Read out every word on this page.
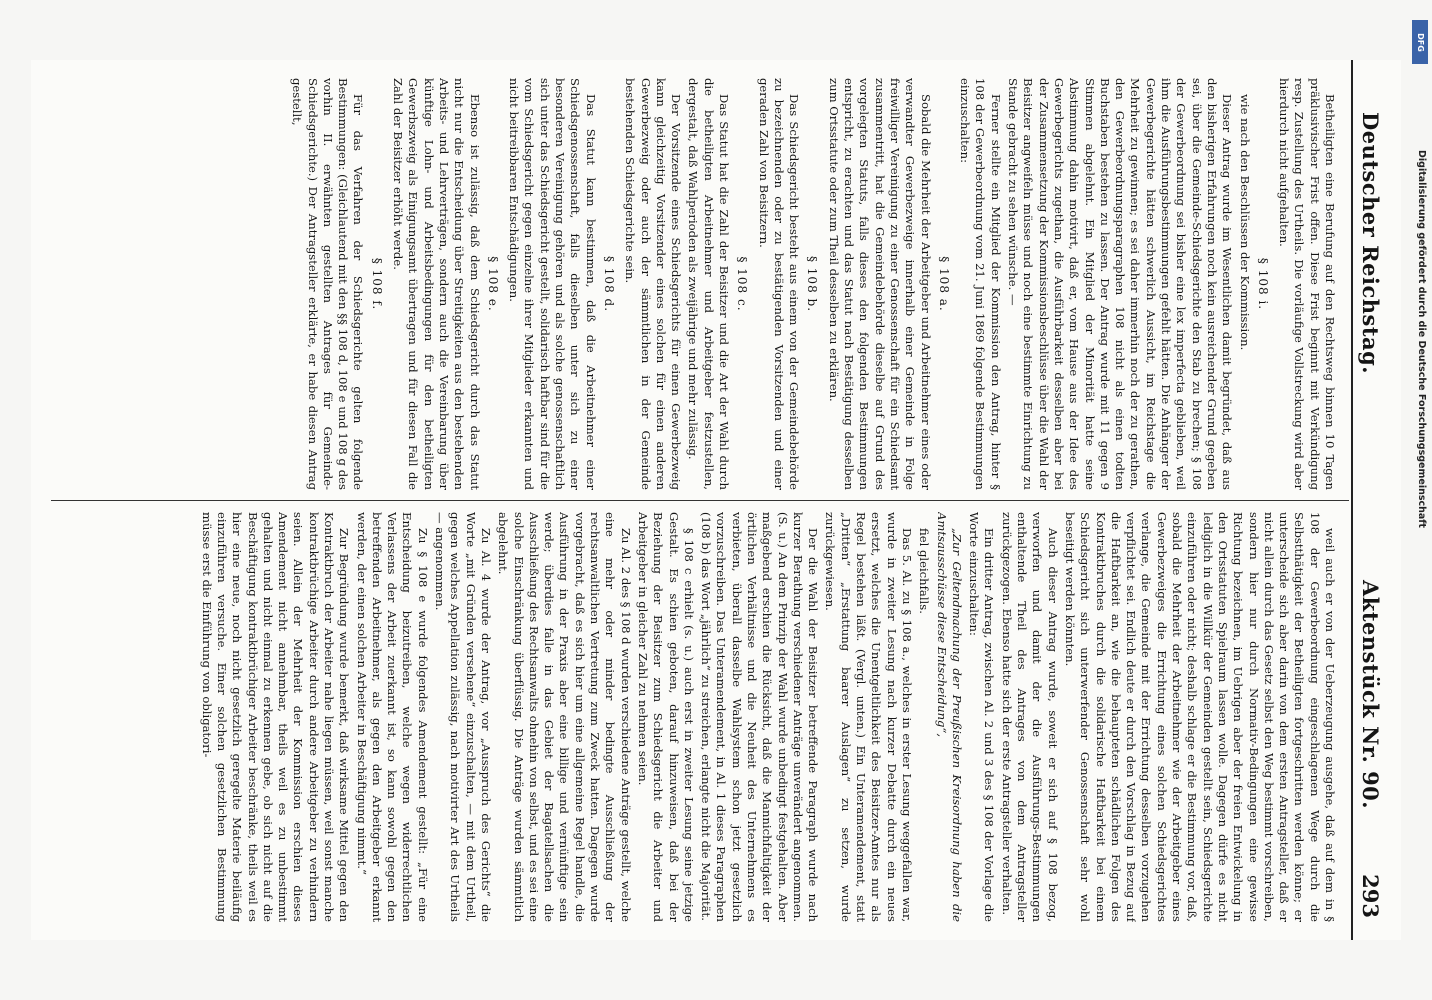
Deutscher Reichstag.
Aktenstück Nr. 90.
293

Betheiligten eine Berufung auf den Rechtsweg binnen 10 Tagen präklusivischer Frist offen. Diese Frist beginnt mit Verkündigung resp. Zustellung des Urtheils. Die vorläufige Vollstreckung wird aber hierdurch nicht aufgehalten.

§ 108 i.

wie nach den Beschlüssen der Kommission.

Dieser Antrag wurde im Wesentlichen damit begründet, daß aus den bisherigen Erfahrungen noch kein ausreichender Grund gegeben sei, über die Gemeinde-Schiedsgerichte den Stab zu brechen; § 108 der Gewerbeordnung sei bisher eine lex imperfecta geblieben, weil ihm die Ausführungsbestimmungen gefehlt hätten. Die Anhänger der Gewerbegerichte hätten schwerlich Aussicht, im Reichstage die Mehrheit zu gewinnen; es sei daher immerhin noch der zu gerathen, den Gewerbeordnungsparagraphen 108 nicht als einen todten Buchstaben bestehen zu lassen. Der Antrag wurde mit 11 gegen 9 Stimmen abgelehnt. Ein Mitglied der Minorität hatte seine Abstimmung dahin motivirt, daß er, vom Hause aus der Idee des Gewerbegerichts zugethan, die Ausführbarkeit desselben aber bei der Zusammensetzung der Kommissionsbeschlüsse über die Wahl der Beisitzer angweifeln müsse und noch eine bestimmte Einrichtung zu Stande gebracht zu sehen wünsche. —

Ferner stellte ein Mitglied der Kommission den Antrag, hinter § 108 der Gewerbeordnung vom 21. Juni 1869 folgende Bestimmungen einzuschalten:

§ 108 a.

Sobald die Mehrheit der Arbeitgeber und Arbeitnehmer eines oder verwandter Gewerbezweige innerhalb einer Gemeinde in Folge freiwilliger Vereinigung zu einer Genossenschaft für ein Schiedsamt zusammentritt, hat die Gemeindebehörde dieselbe auf Grund des vorgelegten Statuts, falls dieses den folgenden Bestimmungen entspricht, zu erachten und das Statut nach Bestätigung desselben zum Ortsstatute oder zum Theil desselben zu erklären.

§ 108 b.

Das Schiedsgericht besteht aus einem von der Gemeindebehörde zu bezeichnenden oder zu bestätigenden Vorsitzenden und einer geraden Zahl von Beisitzern.

§ 108 c.

Das Statut hat die Zahl der Beisitzer und die Art der Wahl durch die betheiligten Arbeitnehmer und Arbeitgeber festzustellen, dergestalt, daß Wahlperioden als zweijährige und mehr zulässig.

Der Vorsitzende eines Schiedsgerichts für einen Gewerbezweig kann gleichzeitig Vorsitzender eines solchen für einen anderen Gewerbezweig oder auch der sämmtlichen in der Gemeinde bestehenden Schiedsgerichte sein.

§ 108 d.

Das Statut kann bestimmen, daß die Arbeitnehmer einer Schiedsgenossenschaft, falls dieselben unter sich zu einer besonderen Vereinigung gehören und als solche genossenschaftlich sich unter das Schiedsgericht gestellt, solidarisch haftbar sind für die vom Schiedsgericht gegen einzelne ihrer Mitglieder erkannten und nicht beitreibbaren Entschädigungen.

§ 108 e.

Ebenso ist zulässig, daß dem Schiedsgericht durch das Statut nicht nur die Entscheidung über Streitigkeiten aus den bestehenden Arbeits- und Lehrverträgen, sondern auch die Vereinbarung über künftige Lohn- und Arbeitsbedingungen für den betheiligten Gewerbszweig als Einigungsamt übertragen und für diesen Fall die Zahl der Beisitzer erhöht werde.

§ 108 f.

Für das Verfahren der Schiedsgerichte gelten folgende Bestimmungen: (Gleichlautend mit den §§ 108 d, 108 e und 108 g des vorhin II. erwähnten gestellten Antrages für Gemeinde-Schiedsgerichte.) Der Antragsteller erklärte, er habe diesen Antrag gestellt,

weil auch er von der Ueberzeugung ausgehe, daß auf dem in § 108 der Gewerbeordnung eingeschlagenen Wege durch die Selbstthätigkeit der Betheiligten fortgeschritten werden könne; er unterscheide sich aber darin von dem ersten Antragsteller, daß er nicht allein durch das Gesetz selbst den Weg bestimmt vorschreiben, sondern hier nur durch Normativ-Bedingungen eine gewisse Richtung bezeichnen, im Uebrigen aber der freien Entwickelung in den Ortsstatuten Spielraum lassen wolle. Dagegen dürfe es nicht lediglich in die Willkür der Gemeinden gestellt sein, Schiedsgerichte einzuführen oder nicht; deshalb schlage er die Bestimmung vor, daß, sobald die Mehrheit der Arbeitnehmer wie der Arbeitgeber eines Gewerbezweiges die Errichtung eines solchen Schiedsgerichtes verlange, die Gemeinde mit der Errichtung desselben vorzugehen verpflichtet sei. Endlich deute er durch den Vorschlag in Bezug auf die Haftbarkeit an, wie die behaupteten schädlichen Folgen des Kontraktbruches durch die solidarische Haftbarkeit bei einem Schiedsgericht sich unterwerfender Genossenschaft sehr wohl beseitigt werden könnten.

Auch dieser Antrag wurde, soweit er sich auf § 108 bezog, verworfen und damit der die Ausführungs-Bestimmungen enthaltende Theil des Antrages von dem Antragsteller zurückgezogen. Ebenso hatte sich der erste Antragsteller verhalten.

Ein dritter Antrag, zwischen Al. 2 und 3 des § 108 der Vorlage die Worte einzuschalten:

„Zur Geltendmachung der Preußischen Kreisordnung haben die Amtsausschüsse diese Entscheidung“,

fiel gleichfalls.

Das 5. Al. zu § 108 a., welches in erster Lesung weggefallen war, wurde in zweiter Lesung nach kurzer Debatte durch ein neues ersetzt, welches die Unentgeltlichkeit des Beisitzer-Amtes nur als Regel bestehen läßt. (Vergl. unten.) Ein Unteramendement, statt „Dritten“ „Erstattung baarer Auslagen“ zu setzen, wurde zurückgewiesen.

Der die Wahl der Beisitzer betreffende Paragraph wurde nach kurzer Berathung verschiedener Anträge unverändert angenommen. (S. u.) An dem Prinzip der Wahl wurde unbedingt festgehalten. Aber maßgebend erschien die Rücksicht, daß die Mannichfaltigkeit der örtlichen Verhältnisse und die Neuheit des Unternehmens es verbieten, überall dasselbe Wahlsystem schon jetzt gesetzlich vorzuschreiben. Das Unteramendement, in Al. 1 dieses Paragraphen (108 b) das Wort „jährlich“ zu streichen, erlangte nicht die Majorität.

§ 108 c erhielt (s. u.) auch erst in zweiter Lesung seine jetzige Gestalt. Es schien geboten, darauf hinzuweisen, daß bei der Beziehung der Beisitzer zum Schiedsgericht die Arbeiter und Arbeitgeber in gleicher Zahl zu nehmen seien.

Zu Al. 2 des § 108 d wurden verschiedene Anträge gestellt, welche eine mehr oder minder bedingte Ausschließung der rechtsanwaltlichen Vertretung zum Zweck hatten. Dagegen wurde vorgebracht, daß es sich hier um eine allgemeine Regel handle, die Ausführung in der Praxis aber eine billige und vernünftige sein werde; überdies falle in das Gebiet der Bagatellsachen die Ausschließung des Rechtsanwalts ohnehin von selbst, und es sei eine solche Einschränkung überflüssig. Die Anträge wurden sämmtlich abgelehnt.

Zu Al. 4 wurde der Antrag, vor „Ausspruch des Gerichts“ die Worte „mit Gründen versehene“ einzuschalten, — mit dem Urtheil, gegen welches Appellation zulässig, nach motivirter Art des Urtheils — angenommen.

Zu § 108 e wurde folgendes Amendement gestellt: „Für eine Entscheidung beizutreiben, welche wegen widerrechtlichen Verlassens der Arbeit zuerkannt ist, so kann sowohl gegen den betreffenden Arbeitnehmer, als gegen den Arbeitgeber erkannt werden, der einen solchen Arbeiter in Beschäftigung nimmt.“

Zur Begründung wurde bemerkt, daß wirksame Mittel gegen den Kontraktbruch der Arbeiter nahe liegen müssen, weil sonst manche kontraktbrüchige Arbeiter durch andere Arbeitgeber zu verhindern seien. Allein der Mehrheit der Kommission erschien dieses Amendement nicht annehmbar, theils weil es zu unbestimmt gehalten und nicht einmal zu erkennen gebe, ob sich nicht auf die Beschäftigung kontraktbrüchiger Arbeiter beschränke, theils weil es hier eine neue, noch nicht gesetzlich geregelte Materie beiläufig einzuführen versuche. Einer solchen gesetzlichen Bestimmung müsse erst die Einführung von obligatori-

DFG
Digitalisierung gefördert durch die Deutsche Forschungsgemeinschaft
